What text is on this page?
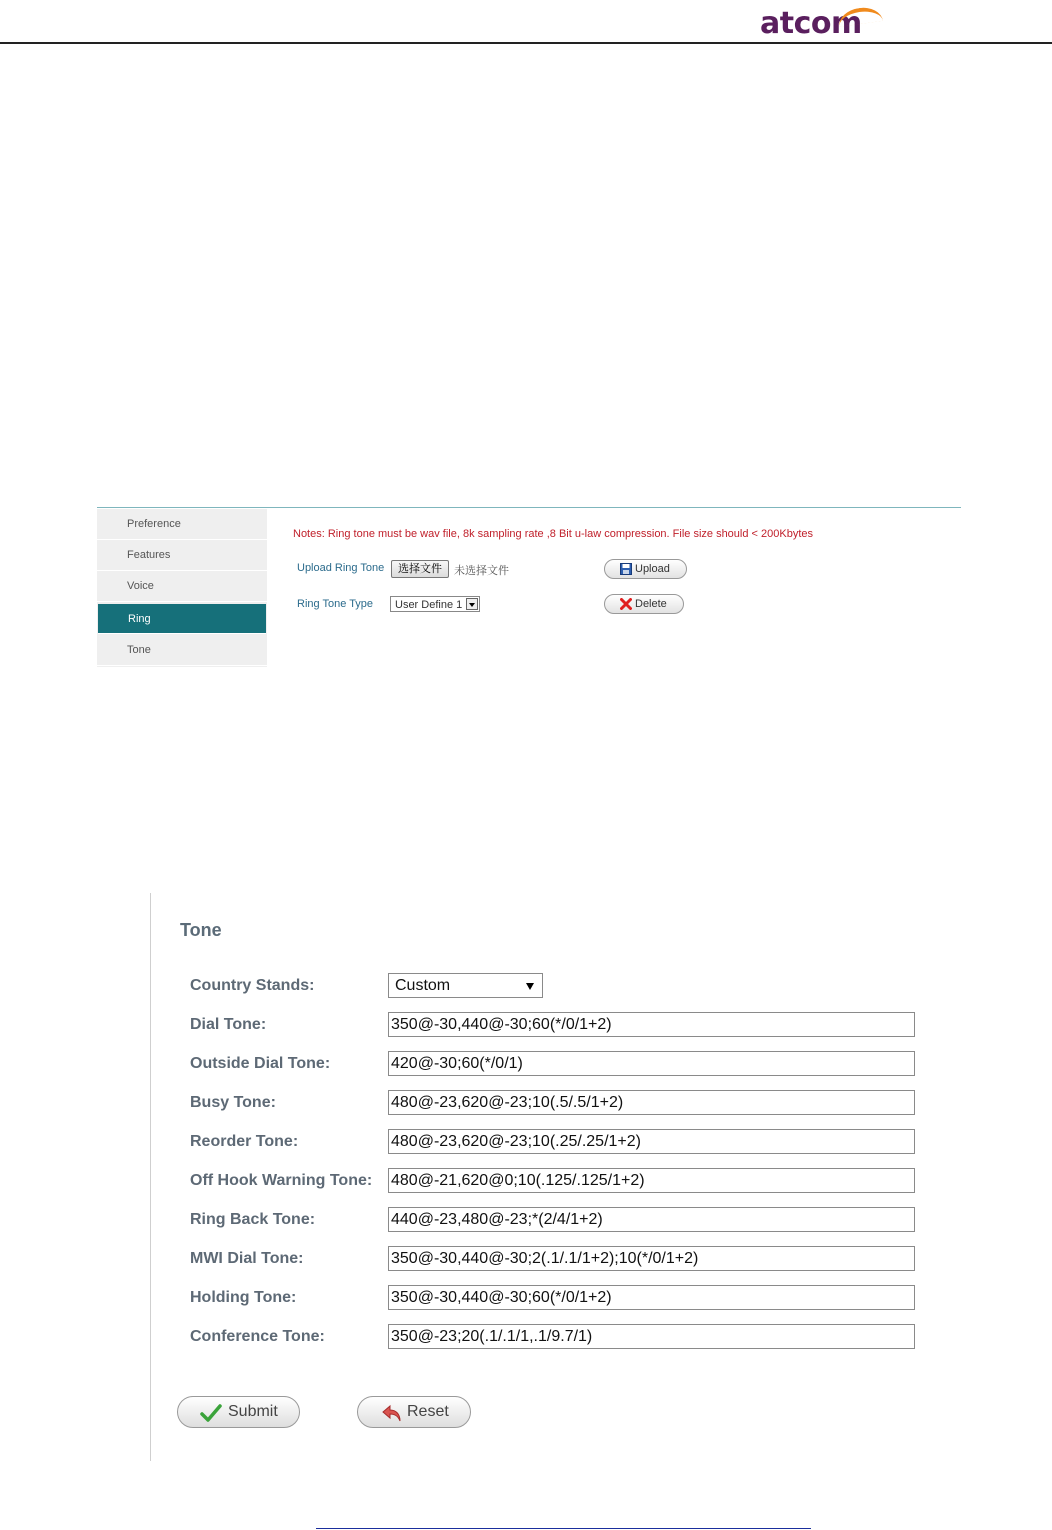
atcom
Preference
Features
Voice
Ring
Tone
Notes: Ring tone must be wav file, 8k sampling rate ,8 Bit u-law compression. File size should < 200Kbytes
Upload Ring Tone	选择文件	未选择文件	Upload
Ring Tone Type	User Define 1	Delete
Tone
Country Stands:	Custom
Dial Tone:	350@-30,440@-30;60(*/0/1+2)
Outside Dial Tone:	420@-30;60(*/0/1)
Busy Tone:	480@-23,620@-23;10(.5/.5/1+2)
Reorder Tone:	480@-23,620@-23;10(.25/.25/1+2)
Off Hook Warning Tone: 480@-21,620@0;10(.125/.125/1+2)
Ring Back Tone:	440@-23,480@-23;*(2/4/1+2)
MWI Dial Tone:	350@-30,440@-30;2(.1/.1/1+2);10(*/0/1+2)
Holding Tone:	350@-30,440@-30;60(*/0/1+2)
Conference Tone:	350@-23;20(.1/.1/1,.1/9.7/1)
Submit	Reset
